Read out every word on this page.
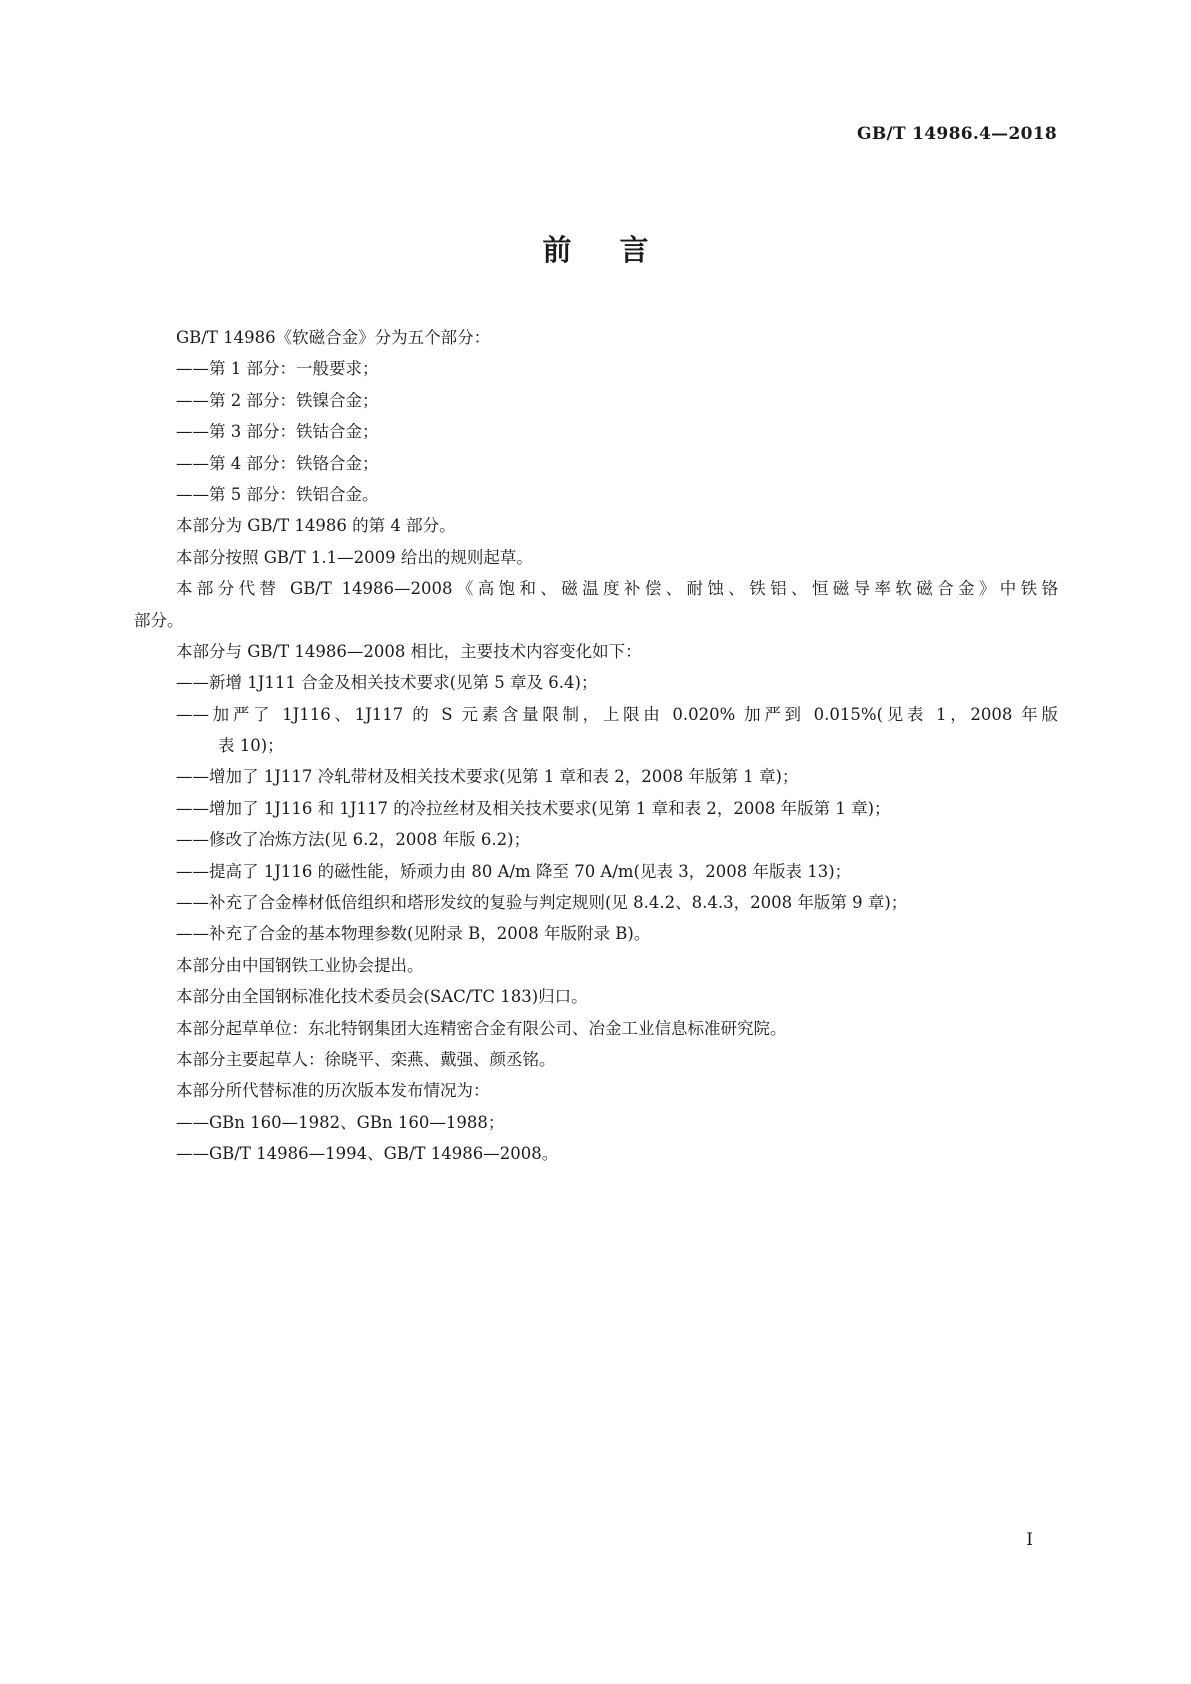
GB/T 14986.4—2018
前言
GB/T 14986《软磁合金》分为五个部分：
——第 1 部分：一般要求；
——第 2 部分：铁镍合金；
——第 3 部分：铁钴合金；
——第 4 部分：铁铬合金；
——第 5 部分：铁铝合金。
本部分为 GB/T 14986 的第 4 部分。
本部分按照 GB/T 1.1—2009 给出的规则起草。
本部分代替 GB/T 14986—2008《高饱和、磁温度补偿、耐蚀、铁铝、恒磁导率软磁合金》中铁铬
部分。
本部分与 GB/T 14986—2008 相比，主要技术内容变化如下：
——新增 1J111 合金及相关技术要求(见第 5 章及 6.4)；
——加严了 1J116、1J117 的 S 元素含量限制，上限由 0.020% 加严到 0.015%(见表 1，2008 年版
表 10)；
——增加了 1J117 冷轧带材及相关技术要求(见第 1 章和表 2，2008 年版第 1 章)；
——增加了 1J116 和 1J117 的冷拉丝材及相关技术要求(见第 1 章和表 2，2008 年版第 1 章)；
——修改了冶炼方法(见 6.2，2008 年版 6.2)；
——提高了 1J116 的磁性能，矫顽力由 80 A/m 降至 70 A/m(见表 3，2008 年版表 13)；
——补充了合金棒材低倍组织和塔形发纹的复验与判定规则(见 8.4.2、8.4.3，2008 年版第 9 章)；
——补充了合金的基本物理参数(见附录 B，2008 年版附录 B)。
本部分由中国钢铁工业协会提出。
本部分由全国钢标准化技术委员会(SAC/TC 183)归口。
本部分起草单位：东北特钢集团大连精密合金有限公司、冶金工业信息标准研究院。
本部分主要起草人：徐晓平、栾燕、戴强、颜丞铭。
本部分所代替标准的历次版本发布情况为：
——GBn 160—1982、GBn 160—1988；
——GB/T 14986—1994、GB/T 14986—2008。
I
